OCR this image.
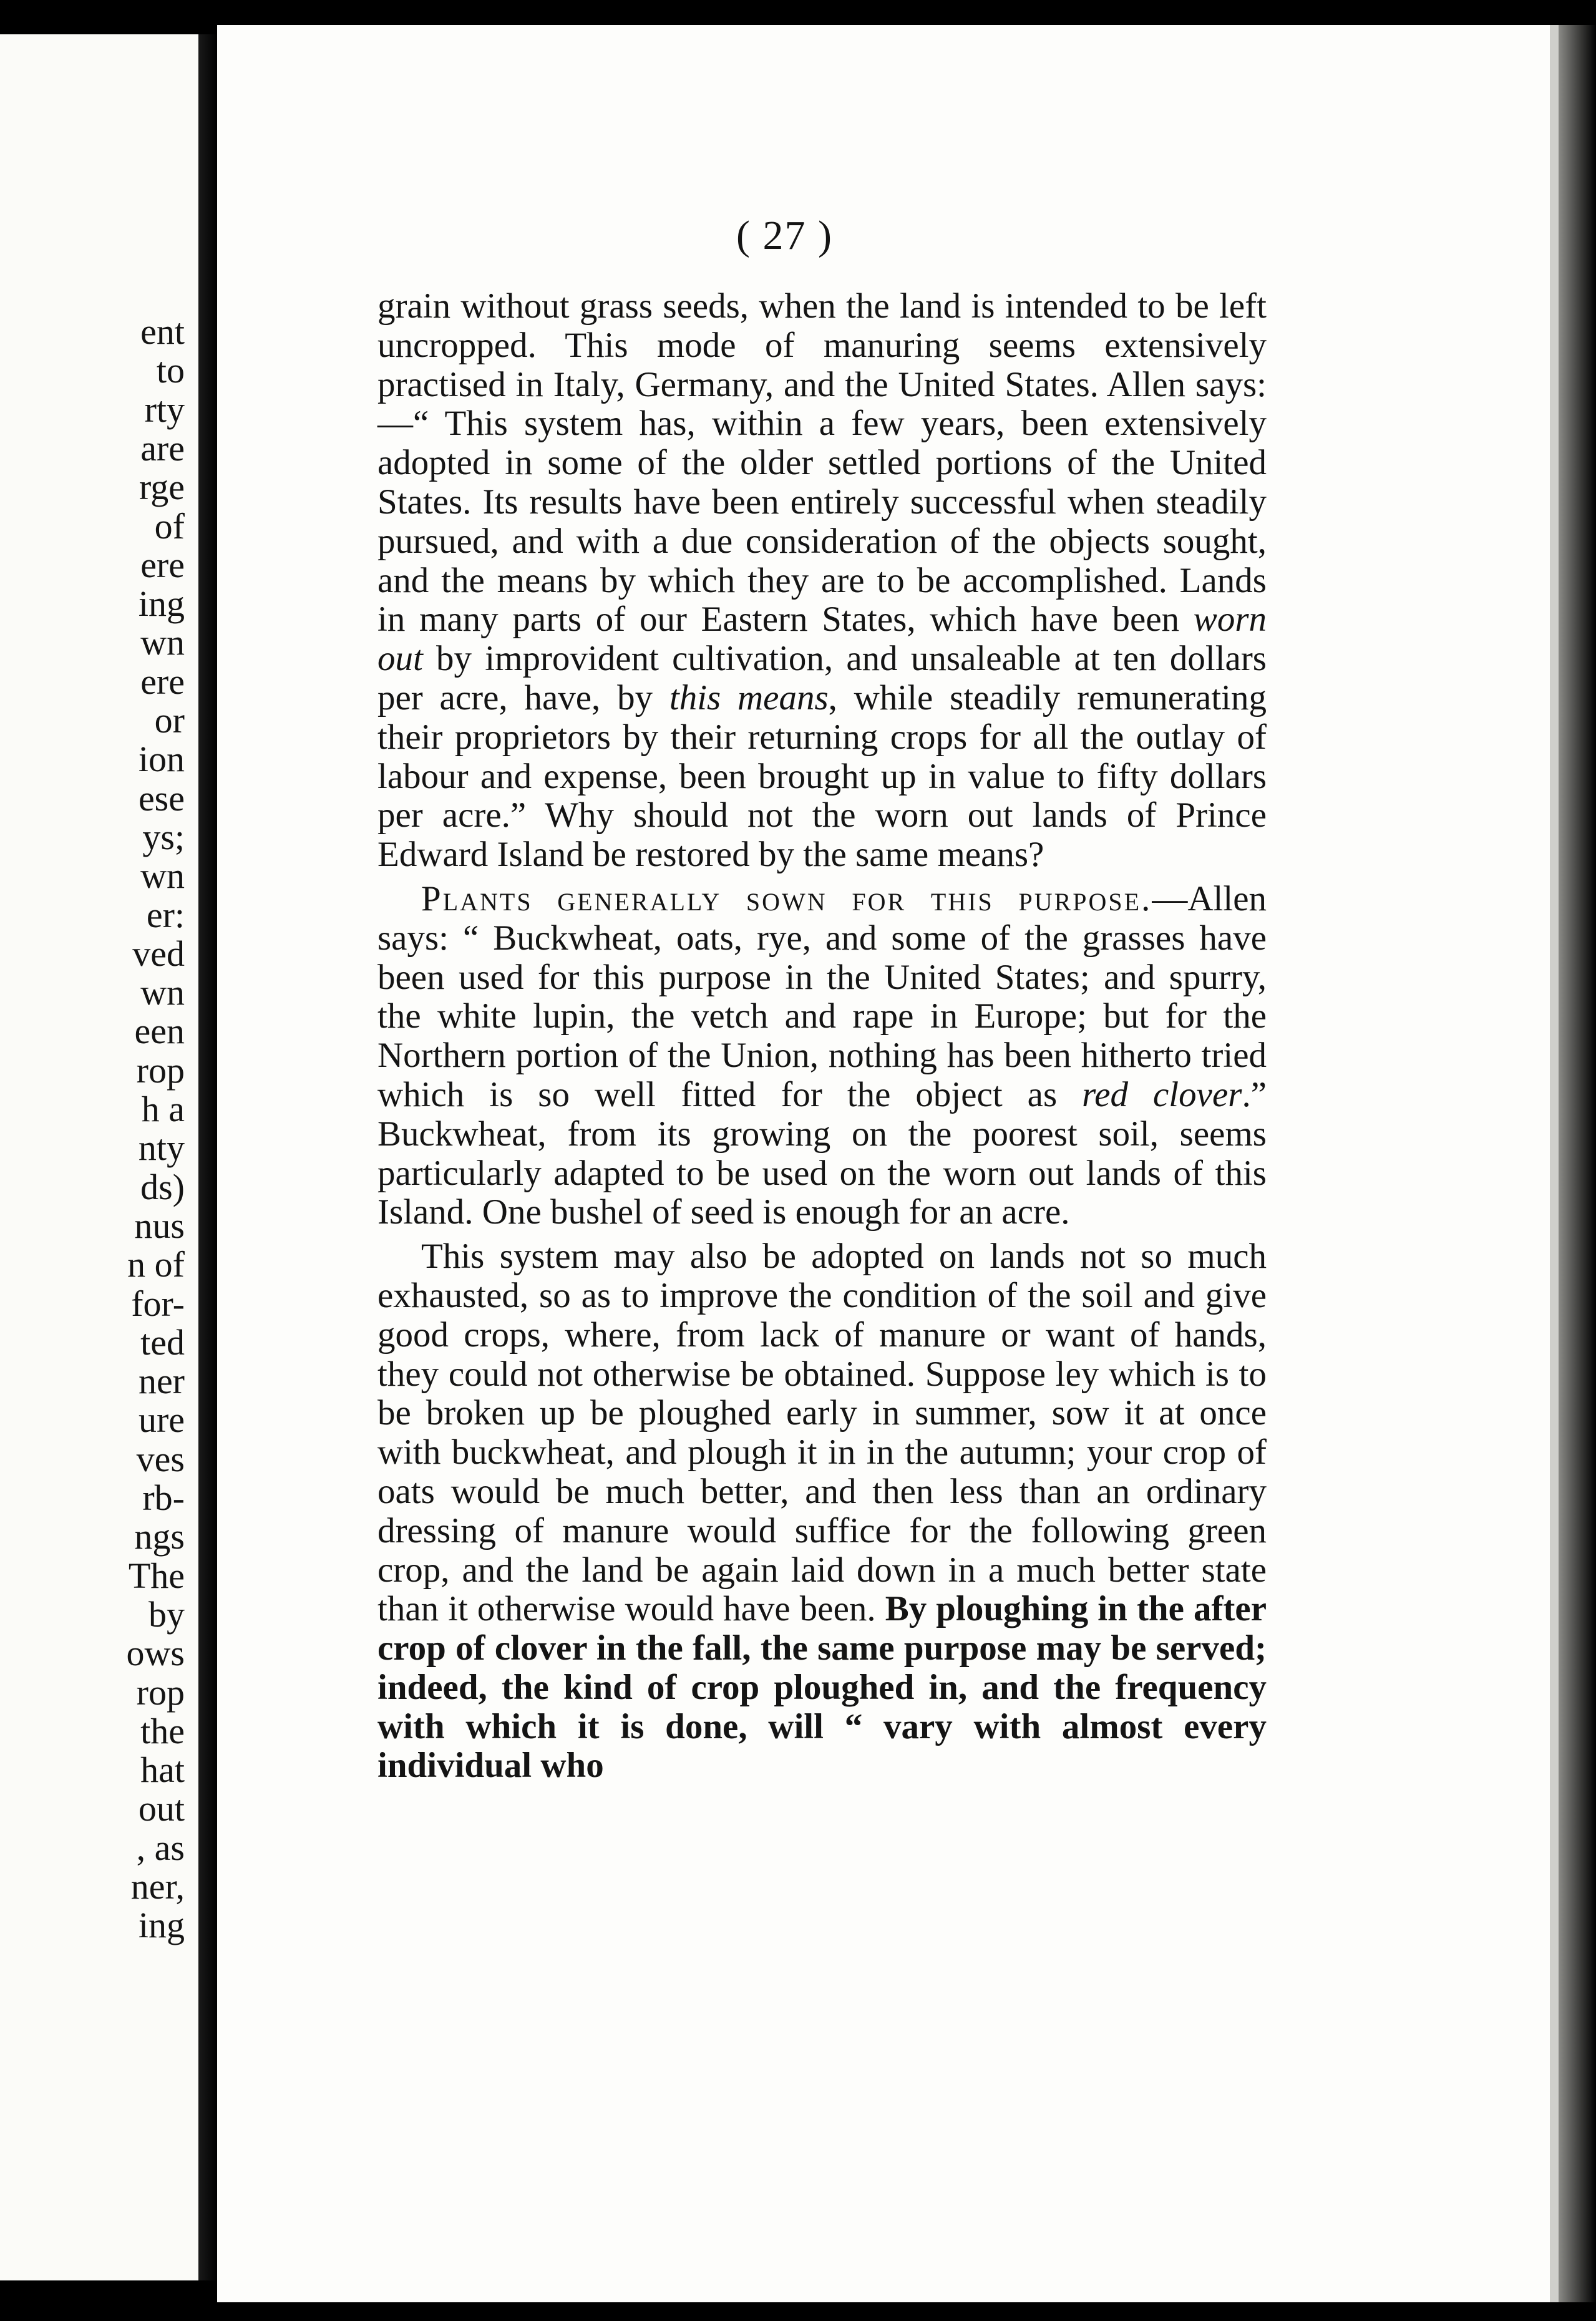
ent
to
rty
are
rge
of
ere
ing
wn
ere
or
ion
ese
ys;
wn
er:
ved
wn
een
rop
h a
nty
ds)
nus
n of
for-
ted
ner
ure
ves
rb-
ngs
The
by
ows
rop
the
hat
out
, as
ner,
ing
( 27 )

grain without grass seeds, when the land is intended to be left uncropped. This mode of manuring seems extensively practised in Italy, Germany, and the United States. Allen says:—“ This system has, within a few years, been extensively adopted in some of the older settled portions of the United States. Its results have been entirely successful when steadily pursued, and with a due consideration of the objects sought, and the means by which they are to be accomplished. Lands in many parts of our Eastern States, which have been worn out by improvident cultivation, and unsaleable at ten dollars per acre, have, by this means, while steadily remunerating their proprietors by their returning crops for all the outlay of labour and expense, been brought up in value to fifty dollars per acre.” Why should not the worn out lands of Prince Edward Island be restored by the same means?

Plants generally sown for this purpose.—Allen says: “ Buckwheat, oats, rye, and some of the grasses have been used for this purpose in the United States; and spurry, the white lupin, the vetch and rape in Europe; but for the Northern portion of the Union, nothing has been hitherto tried which is so well fitted for the object as red clover.” Buckwheat, from its growing on the poorest soil, seems particularly adapted to be used on the worn out lands of this Island. One bushel of seed is enough for an acre.

This system may also be adopted on lands not so much exhausted, so as to improve the condition of the soil and give good crops, where, from lack of manure or want of hands, they could not otherwise be obtained. Suppose ley which is to be broken up be ploughed early in summer, sow it at once with buckwheat, and plough it in in the autumn; your crop of oats would be much better, and then less than an ordinary dressing of manure would suffice for the following green crop, and the land be again laid down in a much better state than it otherwise would have been. By ploughing in the after crop of clover in the fall, the same purpose may be served; indeed, the kind of crop ploughed in, and the frequency with which it is done, will “ vary with almost every individual who
